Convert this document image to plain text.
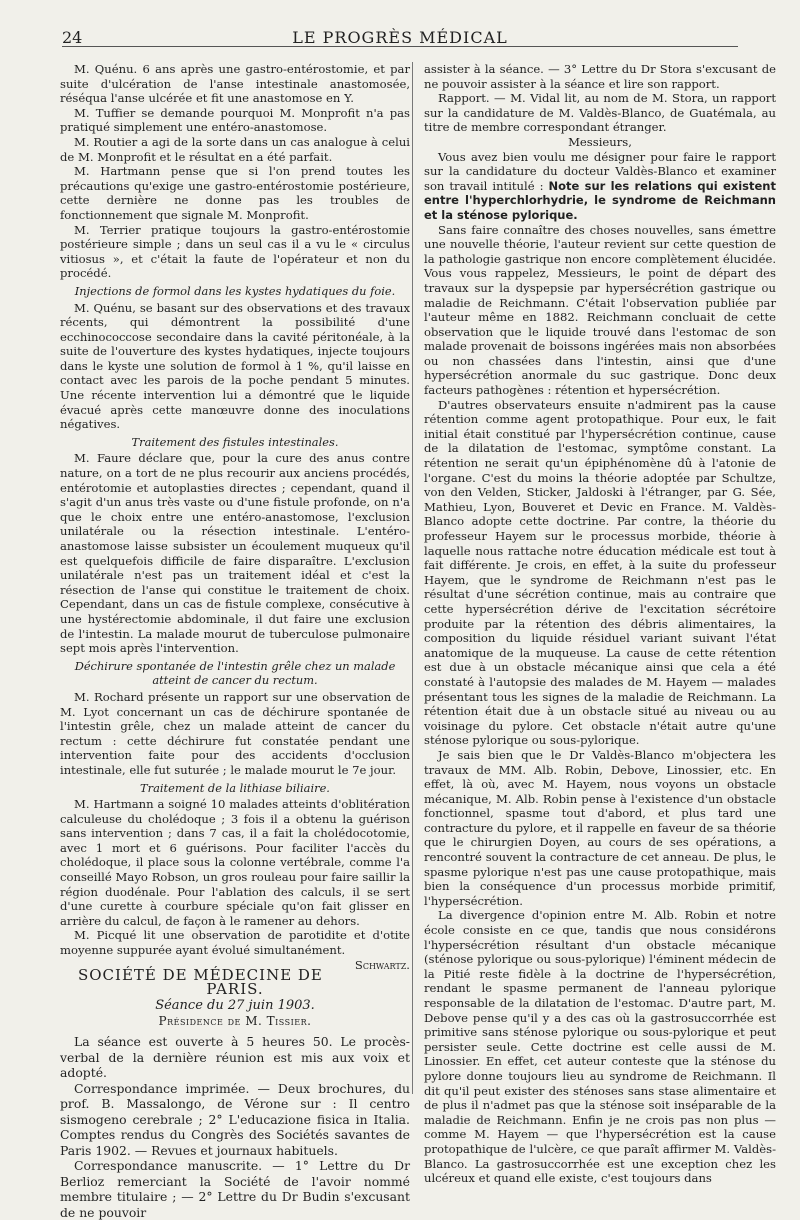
24	LE PROGRÈS MÉDICAL

M. Quénu. 6 ans après une gastro-entérostomie, et par suite d'ulcération de l'anse intestinale anastomosée, réséqua l'anse ulcérée et fit une anastomose en Y.

M. Tuffier se demande pourquoi M. Monprofit n'a pas pratiqué simplement une entéro-anastomose.

M. Routier a agi de la sorte dans un cas analogue à celui de M. Monprofit et le résultat en a été parfait.

M. Hartmann pense que si l'on prend toutes les précautions qu'exige une gastro-entérostomie postérieure, cette dernière ne donne pas les troubles de fonctionnement que signale M. Monprofit.

M. Terrier pratique toujours la gastro-entérostomie postérieure simple ; dans un seul cas il a vu le « circulus vitiosus », et c'était la faute de l'opérateur et non du procédé.

Injections de formol dans les kystes hydatiques du foie.

M. Quénu, se basant sur des observations et des travaux récents, qui démontrent la possibilité d'une ecchinococcose secondaire dans la cavité péritonéale, à la suite de l'ouverture des kystes hydatiques, injecte toujours dans le kyste une solution de formol à 1 %, qu'il laisse en contact avec les parois de la poche pendant 5 minutes. Une récente intervention lui a démontré que le liquide évacué après cette manœuvre donne des inoculations négatives.

Traitement des fistules intestinales.

M. Faure déclare que, pour la cure des anus contre nature, on a tort de ne plus recourir aux anciens procédés, entérotomie et autoplasties directes ; cependant, quand il s'agit d'un anus très vaste ou d'une fistule profonde, on n'a que le choix entre une entéro-anastomose, l'exclusion unilatérale ou la résection intestinale. L'entéro-anastomose laisse subsister un écoulement muqueux qu'il est quelquefois difficile de faire disparaître. L'exclusion unilatérale n'est pas un traitement idéal et c'est la résection de l'anse qui constitue le traitement de choix. Cependant, dans un cas de fistule complexe, consécutive à une hystérectomie abdominale, il dut faire une exclusion de l'intestin. La malade mourut de tuberculose pulmonaire sept mois après l'intervention.

Déchirure spontanée de l'intestin grêle chez un malade atteint de cancer du rectum.

M. Rochard présente un rapport sur une observation de M. Lyot concernant un cas de déchirure spontanée de l'intestin grêle, chez un malade atteint de cancer du rectum : cette déchirure fut constatée pendant une intervention faite pour des accidents d'occlusion intestinale, elle fut suturée ; le malade mourut le 7e jour.

Traitement de la lithiase biliaire.

M. Hartmann a soigné 10 malades atteints d'oblitération calculeuse du cholédoque ; 3 fois il a obtenu la guérison sans intervention ; dans 7 cas, il a fait la cholédocotomie, avec 1 mort et 6 guérisons. Pour faciliter l'accès du cholédoque, il place sous la colonne vertébrale, comme l'a conseillé Mayo Robson, un gros rouleau pour faire saillir la région duodénale. Pour l'ablation des calculs, il se sert d'une curette à courbure spéciale qu'on fait glisser en arrière du calcul, de façon à le ramener au dehors.

M. Picqué lit une observation de parotidite et d'otite moyenne suppurée ayant évolué simultanément.
Schwartz.

SOCIÉTÉ DE MÉDECINE DE PARIS.

Séance du 27 juin 1903.

Présidence de M. Tissier.

La séance est ouverte à 5 heures 50. Le procès-verbal de la dernière réunion est mis aux voix et adopté.

Correspondance imprimée. — Deux brochures, du prof. B. Massalongo, de Vérone sur : Il centro sismogeno cerebrale ; 2° L'educazione fisica in Italia. Comptes rendus du Congrès des Sociétés savantes de Paris 1902. — Revues et journaux habituels.

Correspondance manuscrite. — 1° Lettre du Dr Berlioz remerciant la Société de l'avoir nommé membre titulaire ; — 2° Lettre du Dr Budin s'excusant de ne pouvoir

assister à la séance. — 3° Lettre du Dr Stora s'excusant de ne pouvoir assister à la séance et lire son rapport.

Rapport. — M. Vidal lit, au nom de M. Stora, un rapport sur la candidature de M. Valdès-Blanco, de Guatémala, au titre de membre correspondant étranger.

Messieurs,

Vous avez bien voulu me désigner pour faire le rapport sur la candidature du docteur Valdès-Blanco et examiner son travail intitulé : Note sur les relations qui existent entre l'hyperchlorhydrie, le syndrome de Reichmann et la sténose pylorique.

Sans faire connaître des choses nouvelles, sans émettre une nouvelle théorie, l'auteur revient sur cette question de la pathologie gastrique non encore complètement élucidée. Vous vous rappelez, Messieurs, le point de départ des travaux sur la dyspepsie par hypersécrétion gastrique ou maladie de Reichmann. C'était l'observation publiée par l'auteur même en 1882. Reichmann concluait de cette observation que le liquide trouvé dans l'estomac de son malade provenait de boissons ingérées mais non absorbées ou non chassées dans l'intestin, ainsi que d'une hypersécrétion anormale du suc gastrique. Donc deux facteurs pathogènes : rétention et hypersécrétion.

D'autres observateurs ensuite n'admirent pas la cause rétention comme agent protopathique. Pour eux, le fait initial était constitué par l'hypersécrétion continue, cause de la dilatation de l'estomac, symptôme constant. La rétention ne serait qu'un épiphénomène dû à l'atonie de l'organe. C'est du moins la théorie adoptée par Schultze, von den Velden, Sticker, Jaldoski à l'étranger, par G. Sée, Mathieu, Lyon, Bouveret et Devic en France. M. Valdès-Blanco adopte cette doctrine. Par contre, la théorie du professeur Hayem sur le processus morbide, théorie à laquelle nous rattache notre éducation médicale est tout à fait différente. Je crois, en effet, à la suite du professeur Hayem, que le syndrome de Reichmann n'est pas le résultat d'une sécrétion continue, mais au contraire que cette hypersécrétion dérive de l'excitation sécrétoire produite par la rétention des débris alimentaires, la composition du liquide résiduel variant suivant l'état anatomique de la muqueuse. La cause de cette rétention est due à un obstacle mécanique ainsi que cela a été constaté à l'autopsie des malades de M. Hayem — malades présentant tous les signes de la maladie de Reichmann. La rétention était due à un obstacle situé au niveau ou au voisinage du pylore. Cet obstacle n'était autre qu'une sténose pylorique ou sous-pylorique.

Je sais bien que le Dr Valdès-Blanco m'objectera les travaux de MM. Alb. Robin, Debove, Linossier, etc. En effet, là où, avec M. Hayem, nous voyons un obstacle mécanique, M. Alb. Robin pense à l'existence d'un obstacle fonctionnel, spasme tout d'abord, et plus tard une contracture du pylore, et il rappelle en faveur de sa théorie que le chirurgien Doyen, au cours de ses opérations, a rencontré souvent la contracture de cet anneau. De plus, le spasme pylorique n'est pas une cause protopathique, mais bien la conséquence d'un processus morbide primitif, l'hypersécrétion.

La divergence d'opinion entre M. Alb. Robin et notre école consiste en ce que, tandis que nous considérons l'hypersécrétion résultant d'un obstacle mécanique (sténose pylorique ou sous-pylorique) l'éminent médecin de la Pitié reste fidèle à la doctrine de l'hypersécrétion, rendant le spasme permanent de l'anneau pylorique responsable de la dilatation de l'estomac. D'autre part, M. Debove pense qu'il y a des cas où la gastrosuccorrhée est primitive sans sténose pylorique ou sous-pylorique et peut persister seule. Cette doctrine est celle aussi de M. Linossier. En effet, cet auteur conteste que la sténose du pylore donne toujours lieu au syndrome de Reichmann. Il dit qu'il peut exister des sténoses sans stase alimentaire et de plus il n'admet pas que la sténose soit inséparable de la maladie de Reichmann. Enfin je ne crois pas non plus — comme M. Hayem — que l'hypersécrétion est la cause protopathique de l'ulcère, ce que paraît affirmer M. Valdès-Blanco. La gastrosuccorrhée est une exception chez les ulcéreux et quand elle existe, c'est toujours dans
